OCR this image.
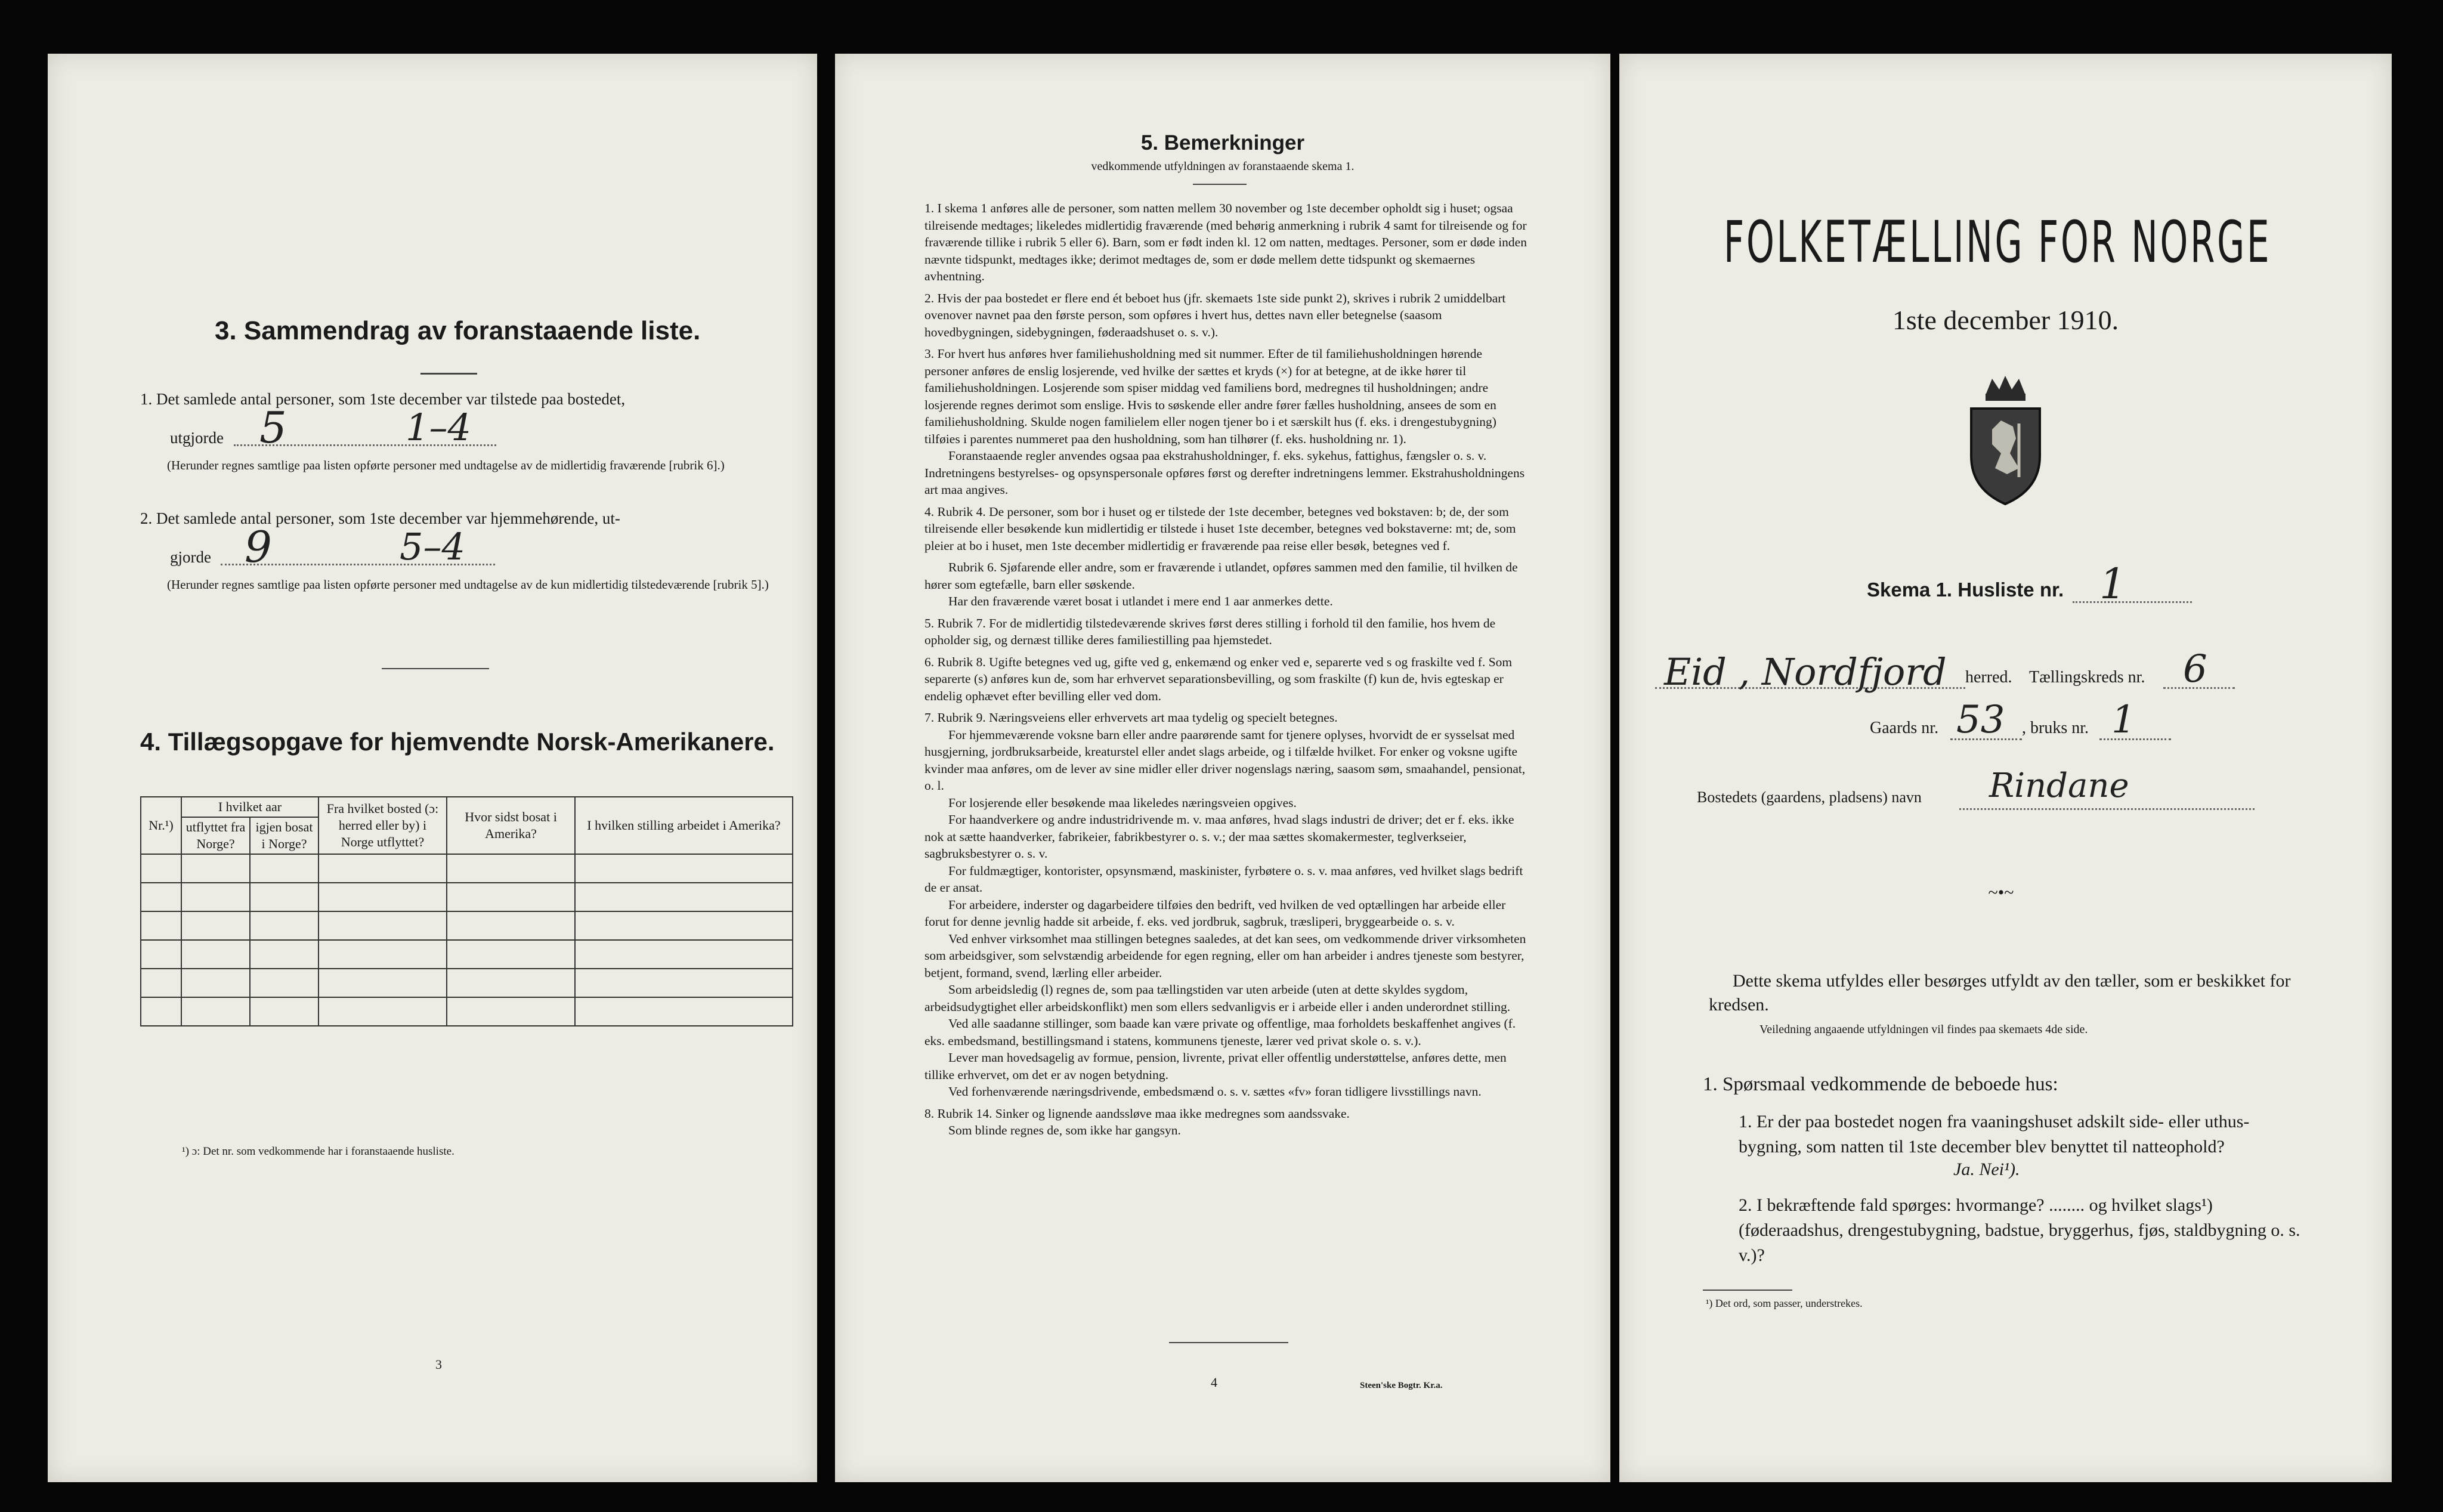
3. Sammendrag av foranstaaende liste.
1. Det samlede antal personer, som 1ste december var tilstede paa bostedet,
utgjorde 5	1–4
(Herunder regnes samtlige paa listen opførte personer med undtagelse av de midlertidig fraværende [rubrik 6].)
2. Det samlede antal personer, som 1ste december var hjemmehørende, ut-
gjorde 9	5–4
(Herunder regnes samtlige paa listen opførte personer med undtagelse av de kun midlertidig tilstedeværende [rubrik 5].)
4. Tillægsopgave for hjemvendte Norsk-Amerikanere.
Nr.¹)	I hvilket aar		Fra hvilket bosted (ɔ: herred eller by) i Norge utflyttet?	Hvor sidst bosat i Amerika?	I hvilken stilling arbeidet i Amerika?
	utflyttet fra Norge?	igjen bosat i Norge?			

¹) ɔ: Det nr. som vedkommende har i foranstaaende husliste.
3
5. Bemerkninger
vedkommende utfyldningen av foranstaaende skema 1.

1. I skema 1 anføres alle de personer, som natten mellem 30 november og 1ste december opholdt sig i huset; ogsaa tilreisende medtages; likeledes midlertidig fraværende (med behørig anmerkning i rubrik 4 samt for tilreisende og for fraværende tillike i rubrik 5 eller 6). Barn, som er født inden kl. 12 om natten, medtages. Personer, som er døde inden nævnte tidspunkt, medtages ikke; derimot medtages de, som er døde mellem dette tidspunkt og skemaernes avhentning.

2. Hvis der paa bostedet er flere end ét beboet hus (jfr. skemaets 1ste side punkt 2), skrives i rubrik 2 umiddelbart ovenover navnet paa den første person, som opføres i hvert hus, dettes navn eller betegnelse (saasom hovedbygningen, sidebygningen, føderaadshuset o. s. v.).

3. For hvert hus anføres hver familiehusholdning med sit nummer. Efter de til familiehusholdningen hørende personer anføres de enslig losjerende, ved hvilke der sættes et kryds (×) for at betegne, at de ikke hører til familiehusholdningen. Losjerende som spiser middag ved familiens bord, medregnes til husholdningen; andre losjerende regnes derimot som enslige. Hvis to søskende eller andre fører fælles husholdning, ansees de som en familiehusholdning. Skulde nogen familielem eller nogen tjener bo i et særskilt hus (f. eks. i drengestubygning) tilføies i parentes nummeret paa den husholdning, som han tilhører (f. eks. husholdning nr. 1).

Foranstaaende regler anvendes ogsaa paa ekstrahusholdninger, f. eks. sykehus, fattighus, fængsler o. s. v. Indretningens bestyrelses- og opsynspersonale opføres først og derefter indretningens lemmer. Ekstrahusholdningens art maa angives.

4. Rubrik 4. De personer, som bor i huset og er tilstede der 1ste december, betegnes ved bokstaven: b; de, der som tilreisende eller besøkende kun midlertidig er tilstede i huset 1ste december, betegnes ved bokstaverne: mt; de, som pleier at bo i huset, men 1ste december midlertidig er fraværende paa reise eller besøk, betegnes ved f.

Rubrik 6. Sjøfarende eller andre, som er fraværende i utlandet, opføres sammen med den familie, til hvilken de hører som egtefælle, barn eller søskende.

Har den fraværende været bosat i utlandet i mere end 1 aar anmerkes dette.

5. Rubrik 7. For de midlertidig tilstedeværende skrives først deres stilling i forhold til den familie, hos hvem de opholder sig, og dernæst tillike deres familiestilling paa hjemstedet.

6. Rubrik 8. Ugifte betegnes ved ug, gifte ved g, enkemænd og enker ved e, separerte ved s og fraskilte ved f. Som separerte (s) anføres kun de, som har erhvervet separationsbevilling, og som fraskilte (f) kun de, hvis egteskap er endelig ophævet efter bevilling eller ved dom.

7. Rubrik 9. Næringsveiens eller erhvervets art maa tydelig og specielt betegnes.

For hjemmeværende voksne barn eller andre paarørende samt for tjenere oplyses, hvorvidt de er sysselsat med husgjerning, jordbruksarbeide, kreaturstel eller andet slags arbeide, og i tilfælde hvilket. For enker og voksne ugifte kvinder maa anføres, om de lever av sine midler eller driver nogenslags næring, saasom søm, smaahandel, pensionat, o. l.

For losjerende eller besøkende maa likeledes næringsveien opgives.

For haandverkere og andre industridrivende m. v. maa anføres, hvad slags industri de driver; det er f. eks. ikke nok at sætte haandverker, fabrikeier, fabrikbestyrer o. s. v.; der maa sættes skomakermester, teglverkseier, sagbruksbestyrer o. s. v.

For fuldmægtiger, kontorister, opsynsmænd, maskinister, fyrbøtere o. s. v. maa anføres, ved hvilket slags bedrift de er ansat.

For arbeidere, inderster og dagarbeidere tilføies den bedrift, ved hvilken de ved optællingen har arbeide eller forut for denne jevnlig hadde sit arbeide, f. eks. ved jordbruk, sagbruk, træsliperi, bryggearbeide o. s. v.

Ved enhver virksomhet maa stillingen betegnes saaledes, at det kan sees, om vedkommende driver virksomheten som arbeidsgiver, som selvstændig arbeidende for egen regning, eller om han arbeider i andres tjeneste som bestyrer, betjent, formand, svend, lærling eller arbeider.

Som arbeidsledig (l) regnes de, som paa tællingstiden var uten arbeide (uten at dette skyldes sygdom, arbeidsudygtighet eller arbeidskonflikt) men som ellers sedvanligvis er i arbeide eller i anden underordnet stilling.

Ved alle saadanne stillinger, som baade kan være private og offentlige, maa forholdets beskaffenhet angives (f. eks. embedsmand, bestillingsmand i statens, kommunens tjeneste, lærer ved privat skole o. s. v.).

Lever man hovedsagelig av formue, pension, livrente, privat eller offentlig understøttelse, anføres dette, men tillike erhvervet, om det er av nogen betydning.

Ved forhenværende næringsdrivende, embedsmænd o. s. v. sættes «fv» foran tidligere livsstillings navn.

8. Rubrik 14. Sinker og lignende aandssløve maa ikke medregnes som aandssvake.

Som blinde regnes de, som ikke har gangsyn.

4	Steen'ske Bogtr. Kr.a.
FOLKETÆLLING FOR NORGE
1ste december 1910.
Skema 1. Husliste nr. 1
Eid , Nordfjord herred. Tællingskreds nr. 6
Gaards nr. 53 , bruks nr. 1
Bostedets (gaardens, pladsens) navn Rindane
~•~
Dette skema utfyldes eller besørges utfyldt av den tæller, som er beskikket for kredsen.
Veiledning angaaende utfyldningen vil findes paa skemaets 4de side.
1. Spørsmaal vedkommende de beboede hus:
1. Er der paa bostedet nogen fra vaaningshuset adskilt side- eller uthus-bygning, som natten til 1ste december blev benyttet til natteophold?
Ja. Nei¹).
2. I bekræftende fald spørges: hvormange? ........ og hvilket slags¹) (føderaadshus, drengestubygning, badstue, bryggerhus, fjøs, staldbygning o. s. v.)?
¹) Det ord, som passer, understrekes.
